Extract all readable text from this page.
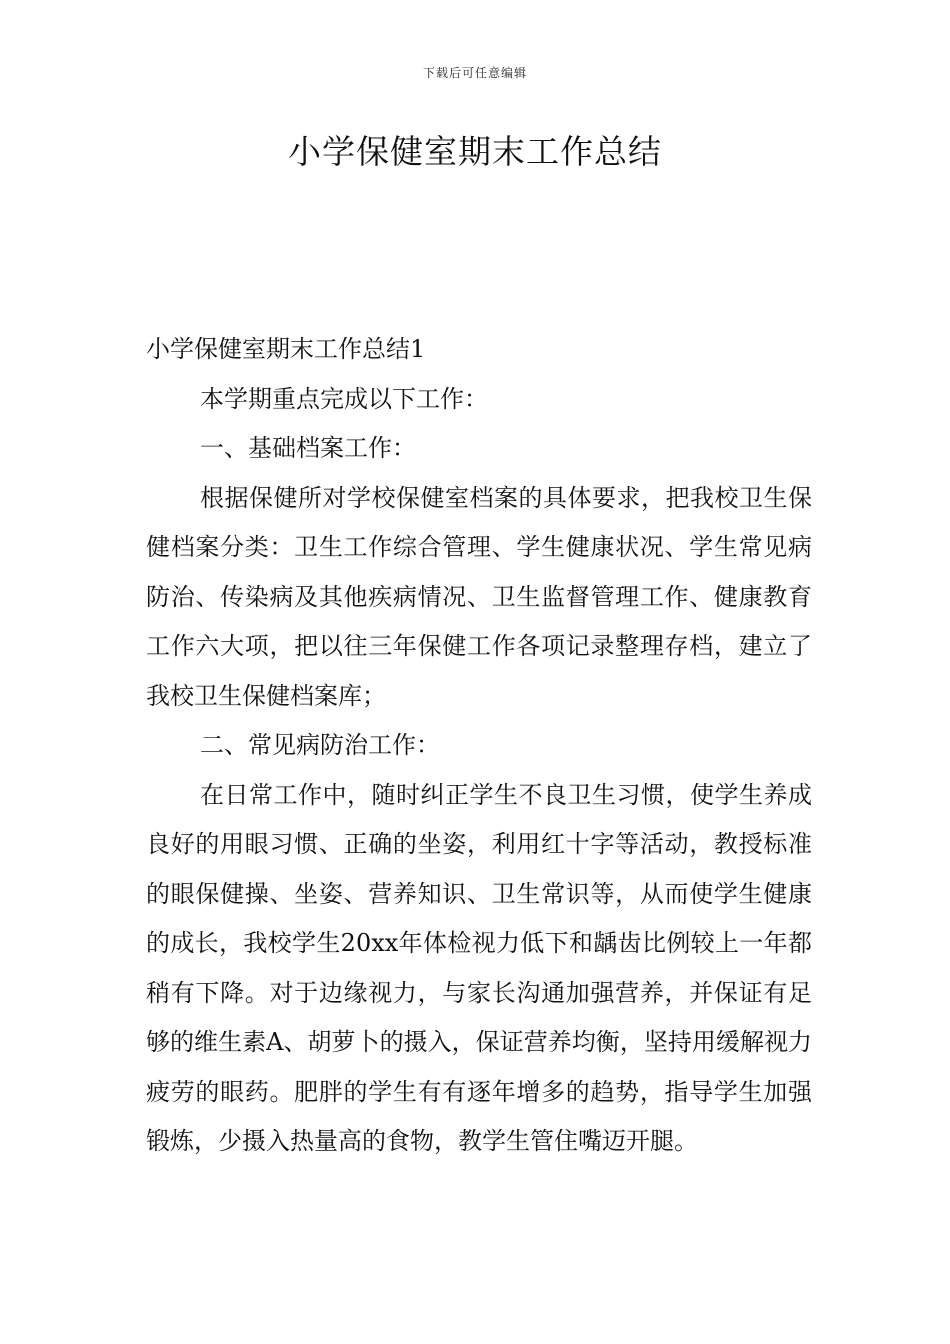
下载后可任意编辑
小学保健室期末工作总结

小学保健室期末工作总结1

本学期重点完成以下工作：

一、基础档案工作：

根据保健所对学校保健室档案的具体要求，把我校卫生保健档案分类：卫生工作综合管理、学生健康状况、学生常见病防治、传染病及其他疾病情况、卫生监督管理工作、健康教育工作六大项，把以往三年保健工作各项记录整理存档，建立了我校卫生保健档案库；

二、常见病防治工作：

在日常工作中，随时纠正学生不良卫生习惯，使学生养成良好的用眼习惯、正确的坐姿，利用红十字等活动，教授标准的眼保健操、坐姿、营养知识、卫生常识等，从而使学生健康的成长，我校学生20xx年体检视力低下和龋齿比例较上一年都稍有下降。对于边缘视力，与家长沟通加强营养，并保证有足够的维生素A、胡萝卜的摄入，保证营养均衡，坚持用缓解视力疲劳的眼药。肥胖的学生有有逐年增多的趋势，指导学生加强锻炼，少摄入热量高的食物，教学生管住嘴迈开腿。
